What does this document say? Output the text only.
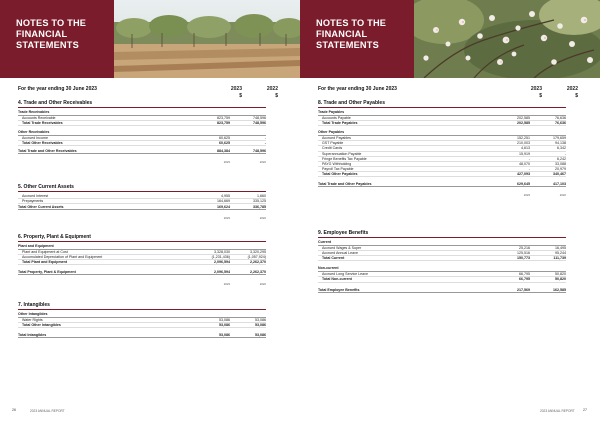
NOTES TO THE FINANCIAL STATEMENTS
For the year ending 30 June 2023	2023
$
2022
$
4. Trade and Other Receivables
Trade Receivables
Accounts Receivable	823,759	748,596
Total Trade Receivables	823,759	748,596
Other Receivables
Accrued Income	60,625	-
Total Other Receivables	60,625	-
Total Trade and Other Receivables	884,384	748,596
2023	2022
5. Other Current Assets
Accrued Interest	4,955	1,660
Prepayments	164,669	335,125
Total Other Current Assets	169,624	336,785
2023	2022
6. Property, Plant & Equipment
Plant and Equipment
Plant and Equipment at Cost	3,328,030	3,320,295
Accumulated Depreciation of Plant and Equipment	(1,231,436)	(1,057,924)
Total Plant and Equipment	2,096,594	2,262,370
Total Property, Plant & Equipment	2,096,594	2,262,370
2023	2022
7. Intangibles
Other Intangibles
Water Rights	53,086	53,086
Total Other Intangibles	53,086	53,086
Total Intangibles	53,086	53,086
26	2023 ANNUAL REPORT
NOTES TO THE FINANCIAL STATEMENTS
For the year ending 30 June 2023	2023
$
2022
$
8. Trade and Other Payables
Trade Payables
Accounts Payable	202,585	76,636
Total Trade Payables	202,585	76,636
Other Payables
Accrued Payables	152,251	179,659
GST Payable	210,003	94,138
Credit Cards	4,613	6,342
Superannuation Payable	15,919	-
Fringe Benefits Tax Payable	-	6,242
PAYG Withholding	48,070	33,088
Payroll Tax Payable	-	20,979
Total Other Payables	427,093	340,467
Total Trade and Other Payables	629,645	417,103
2023	2022
9. Employee Benefits
Current
Accrued Wages & Super	25,216	16,495
Accrued Annual Leave	125,516	95,244
Total Current	150,773	111,739
Non-current
Accrued Long Service Leave	66,795	50,820
Total Non-current	66,795	50,820
Total Employee Benefits	217,569	162,585
2023 ANNUAL REPORT 27
